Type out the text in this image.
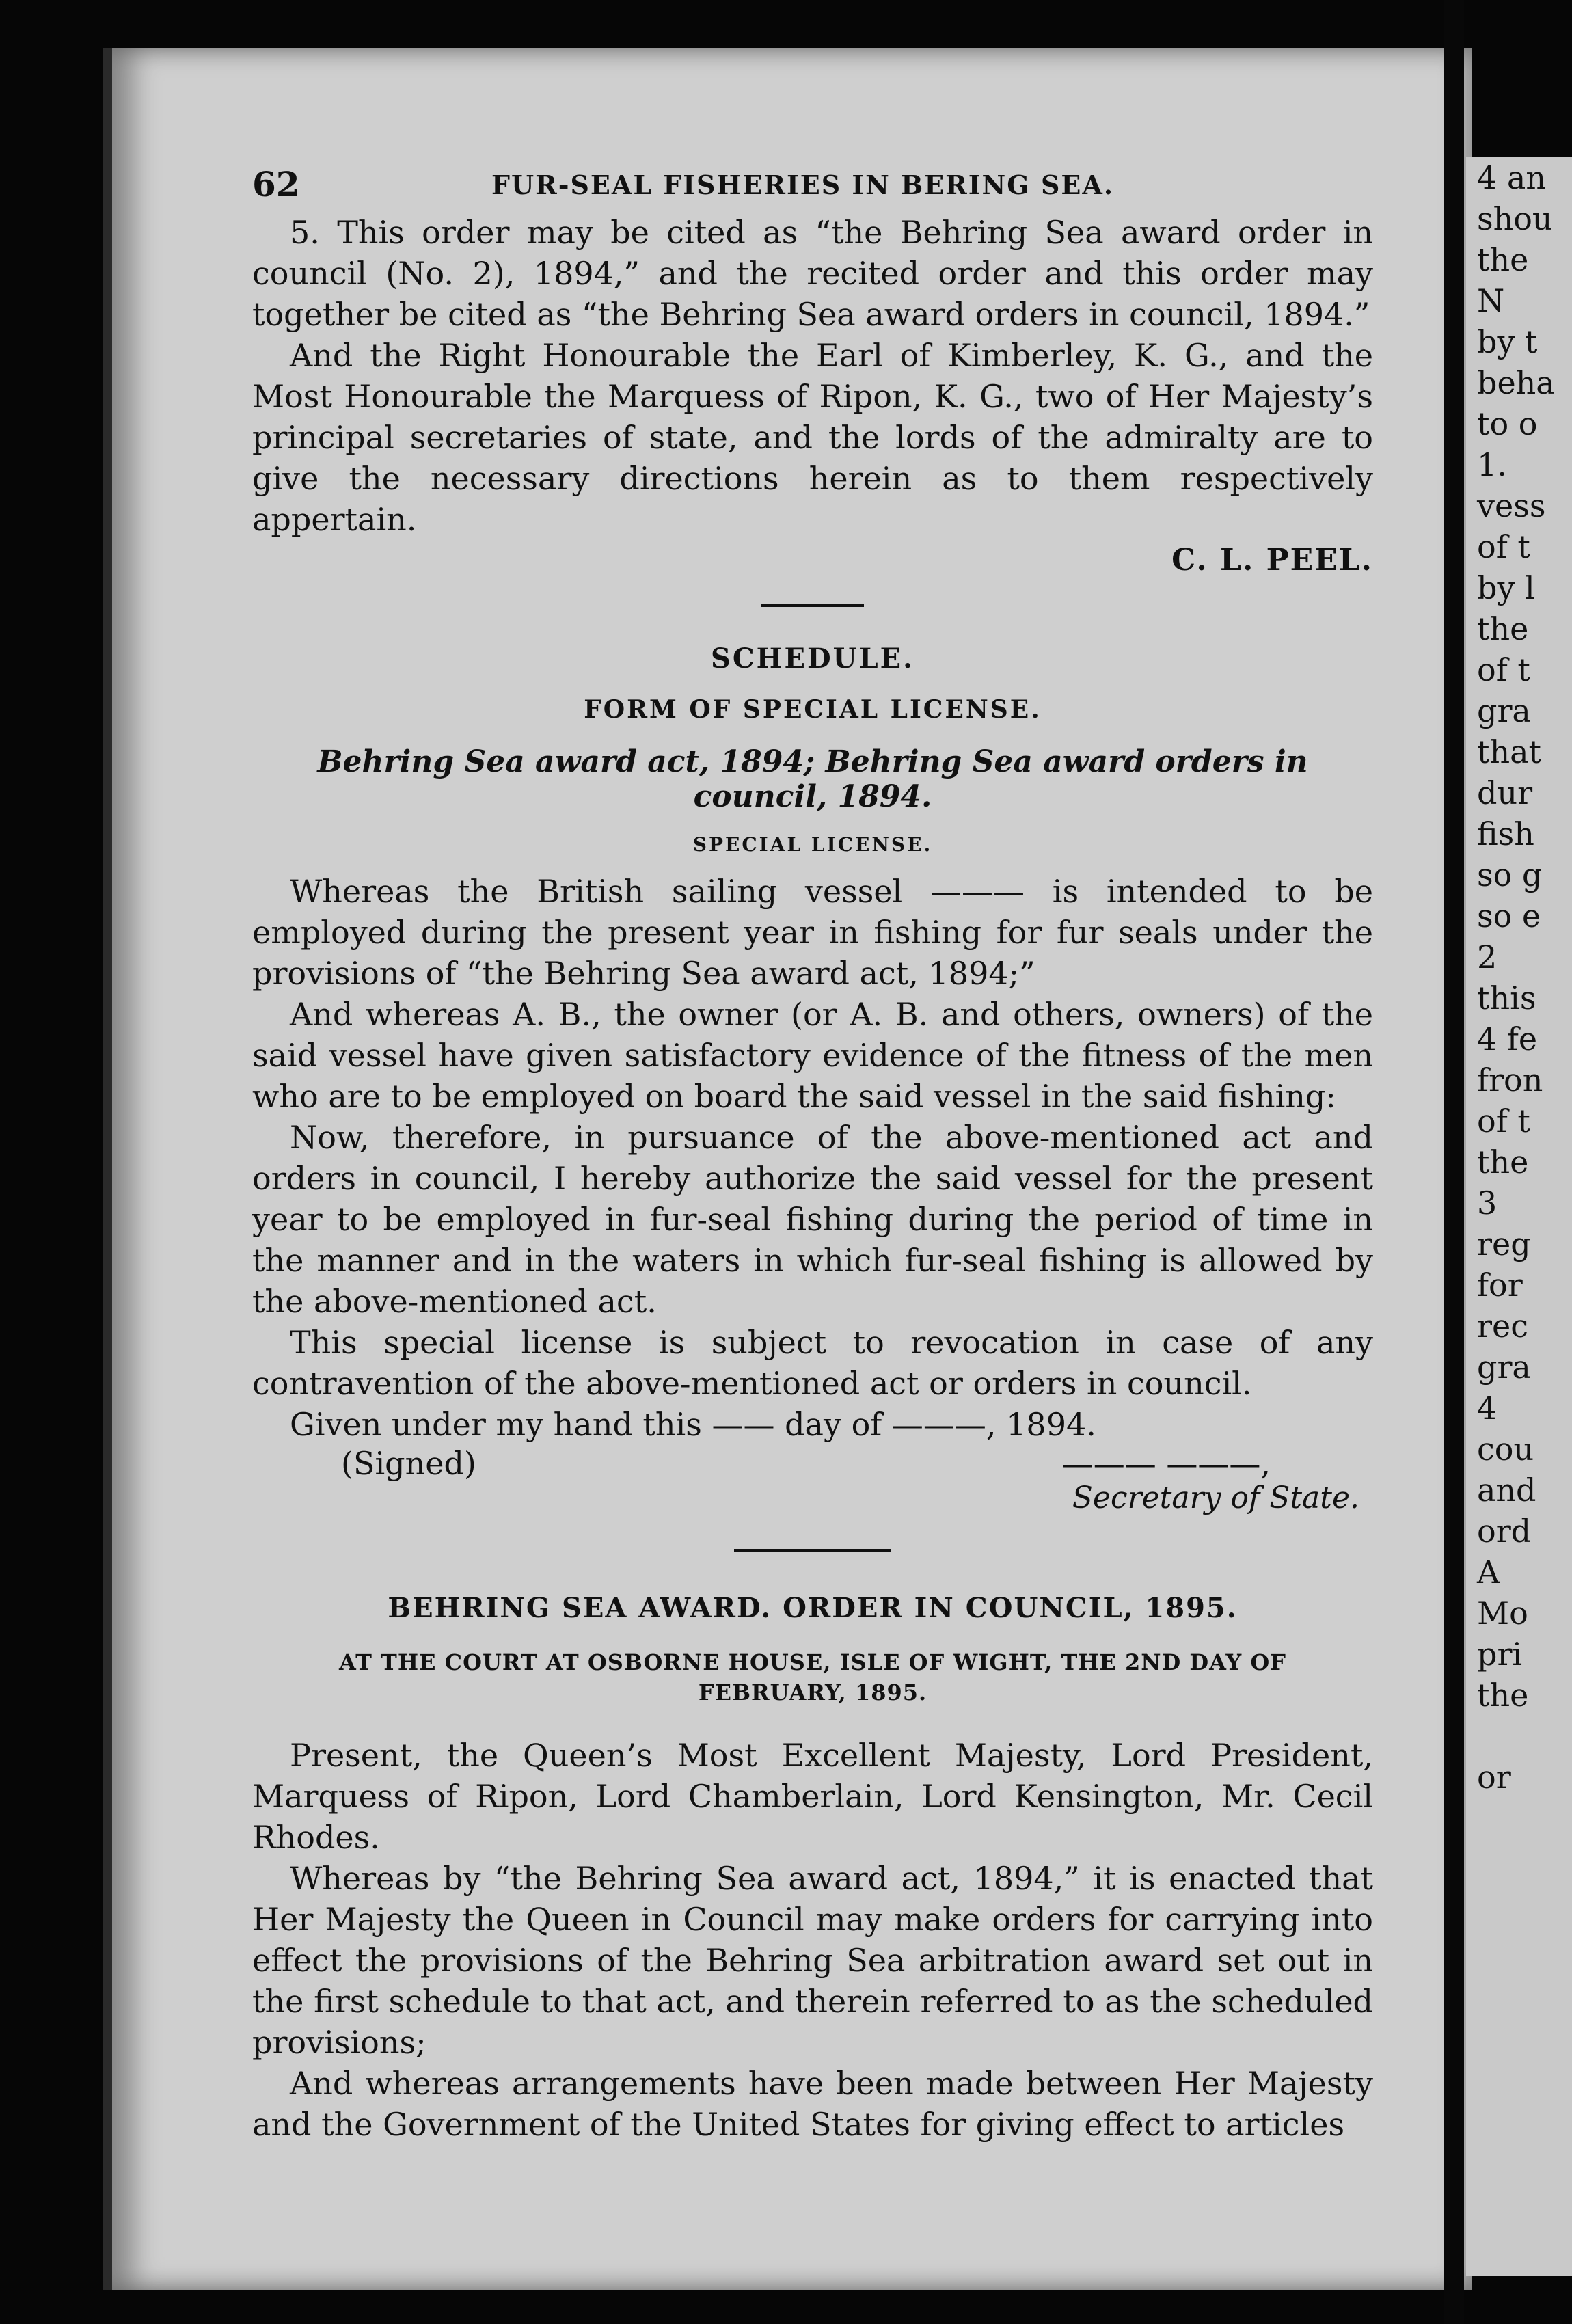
62	FUR-SEAL FISHERIES IN BERING SEA.

5. This order may be cited as “the Behring Sea award order in council (No. 2), 1894,” and the recited order and this order may together be cited as “the Behring Sea award orders in council, 1894.”

And the Right Honourable the Earl of Kimberley, K. G., and the Most Honourable the Marquess of Ripon, K. G., two of Her Majesty’s principal secretaries of state, and the lords of the admiralty are to give the necessary directions herein as to them respectively appertain.

C. L. PEEL.
SCHEDULE.
FORM OF SPECIAL LICENSE.
Behring Sea award act, 1894; Behring Sea award orders in council, 1894.
SPECIAL LICENSE.

Whereas the British sailing vessel ——— is intended to be employed during the present year in fishing for fur seals under the provisions of “the Behring Sea award act, 1894;”

And whereas A. B., the owner (or A. B. and others, owners) of the said vessel have given satisfactory evidence of the fitness of the men who are to be employed on board the said vessel in the said fishing:

Now, therefore, in pursuance of the above-mentioned act and orders in council, I hereby authorize the said vessel for the present year to be employed in fur-seal fishing during the period of time in the manner and in the waters in which fur-seal fishing is allowed by the above-mentioned act.

This special license is subject to revocation in case of any contravention of the above-mentioned act or orders in council.

Given under my hand this —— day of ———, 1894.
(Signed)	——— ———,
Secretary of State.
BEHRING SEA AWARD. ORDER IN COUNCIL, 1895.
AT THE COURT AT OSBORNE HOUSE, ISLE OF WIGHT, THE 2ND DAY OF FEBRUARY, 1895.

Present, the Queen’s Most Excellent Majesty, Lord President, Marquess of Ripon, Lord Chamberlain, Lord Kensington, Mr. Cecil Rhodes.

Whereas by “the Behring Sea award act, 1894,” it is enacted that Her Majesty the Queen in Council may make orders for carrying into effect the provisions of the Behring Sea arbitration award set out in the first schedule to that act, and therein referred to as the scheduled provisions;

And whereas arrangements have been made between Her Majesty and the Government of the United States for giving effect to articles

4 an
shou
the
N
by t
beha
to o
1.
vess
of t
by l
the
of t
gra
that
dur
fish
so g
so e
2
this
4 fe
fron
of t
the
3
reg
for
rec
gra
4
cou
and
ord
A
Mo
pri
the
or
